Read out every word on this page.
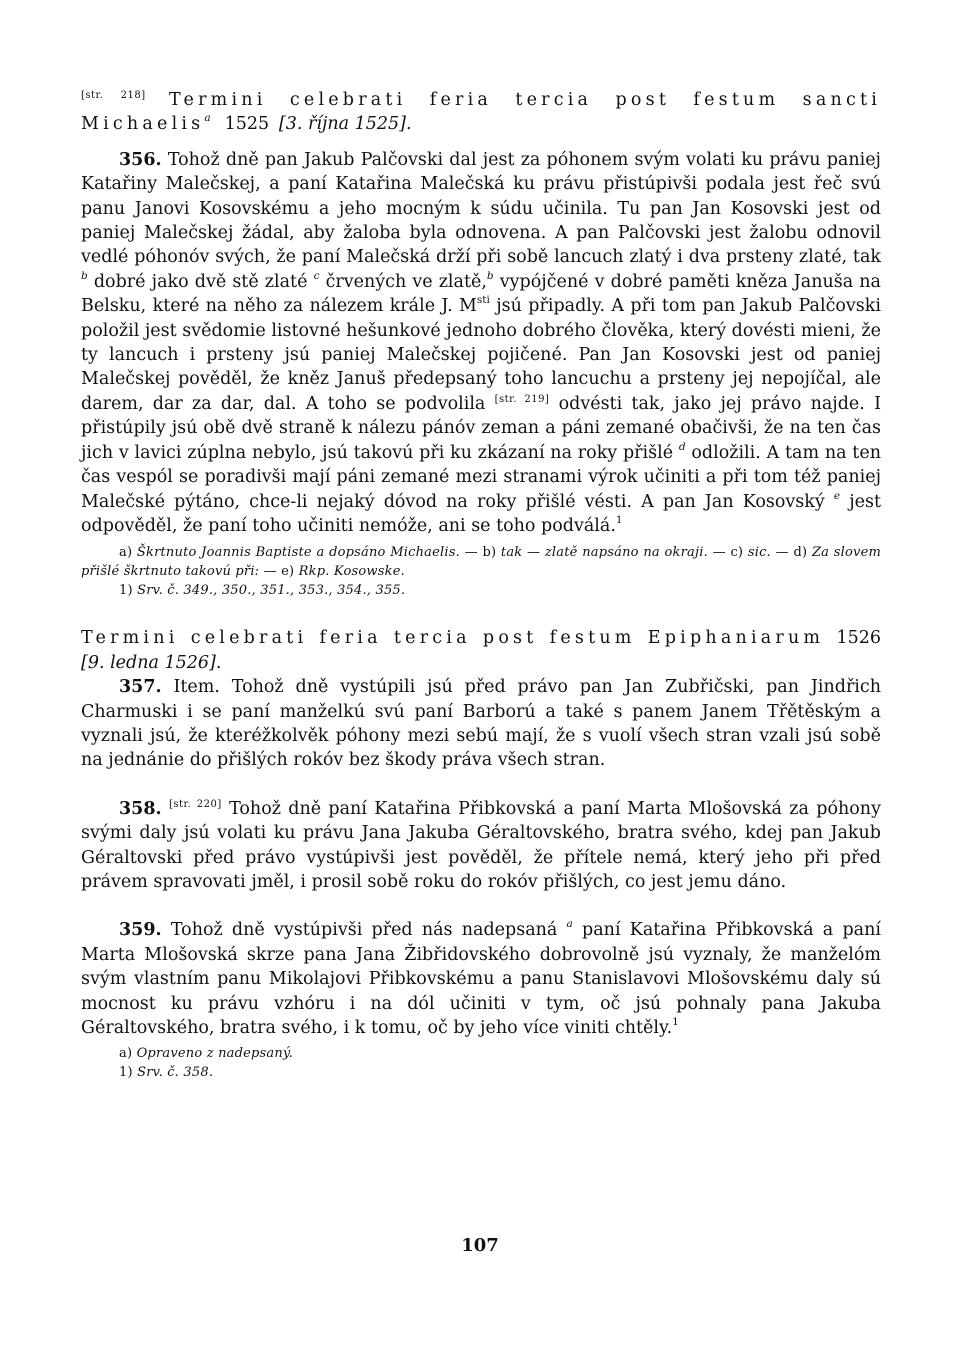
[str. 218] Termini celebrati feria tercia post festum sancti Michaelis$^a$ 1525 [3. října 1525].

356. Tohož dně pan Jakub Palčovski dal jest za póhonem svým volati ku právu paniej Katařiny Malečskej, a paní Katařina Malečská ku právu přistúpivši podala jest řeč svú panu Janovi Kosovskému a jeho mocným k súdu učinila. Tu pan Jan Kosovski jest od paniej Malečskej žádal, aby žaloba byla odnovena. A pan Palčovski jest žalobu odnovil vedlé póhonóv svých, že paní Malečská drží při sobě lancuch zlatý i dva prsteny zlaté, tak $^b$ dobré jako dvě stě zlaté $^c$ črvených ve zlatě,$^b$ vypójčené v dobré paměti kněza Januša na Belsku, které na něho za nálezem krále J. $M^{sti}$ jsú připadly. A při tom pan Jakub Palčovski položil jest svědomie listovné hešunkové jednoho dobrého člověka, který dovésti mieni, že ty lancuch i prsteny jsú paniej Malečskej pojičené. Pan Jan Kosovski jest od paniej Malečskej pověděl, že kněz Januš předepsaný toho lancuchu a prsteny jej nepojíčal, ale darem, dar za dar, dal. A toho se podvolila [str. 219] odvésti tak, jako jej právo najde. I přistúpily jsú obě dvě straně k nálezu pánóv zeman a páni zemané obačivši, že na ten čas jich v lavici zúplna nebylo, jsú takovú při ku zkázaní na roky přišlé $^d$ odložili. A tam na ten čas vespól se poradivši mají páni zemané mezi stranami výrok učiniti a při tom též paniej Malečské pýtáno, chce-li nejaký dóvod na roky přišlé vésti. A pan Jan Kosovský $^e$ jest odpověděl, že paní toho učiniti nemóže, ani se toho podválá.$^1$

a) Škrtnuto Joannis Baptiste a dopsáno Michaelis. — b) tak — zlatě napsáno na okraji. — c) sic. — d) Za slovem přišlé škrtnuto takovú při: — e) Rkp. Kosowske.

1) Srv. č. 349., 350., 351., 353., 354., 355.

Termini celebrati feria tercia post festum Epiphaniarum 1526 [9. ledna 1526].

357. Item. Tohož dně vystúpili jsú před právo pan Jan Zubřičski, pan Jindřich Charmuski i se paní manželkú svú paní Barború a také s panem Janem Třětěským a vyznali jsú, že kteréžkolvěk póhony mezi sebú mají, že s vuolí všech stran vzali jsú sobě na jednánie do přišlých rokóv bez škody práva všech stran.

358. [str. 220] Tohož dně paní Katařina Přibkovská a paní Marta Mlošovská za póhony svými daly jsú volati ku právu Jana Jakuba Géraltovského, bratra svého, kdej pan Jakub Géraltovski před právo vystúpivši jest pověděl, že přítele nemá, který jeho při před právem spravovati jměl, i prosil sobě roku do rokóv přišlých, co jest jemu dáno.

359. Tohož dně vystúpivši před nás nadepsaná $^a$ paní Katařina Přibkovská a paní Marta Mlošovská skrze pana Jana Žibřidovského dobrovolně jsú vyznaly, že manželóm svým vlastním panu Mikolajovi Přibkovskému a panu Stanislavovi Mlošovskému daly sú mocnost ku právu vzhóru i na dól učiniti v tym, oč jsú pohnaly pana Jakuba Géraltovského, bratra svého, i k tomu, oč by jeho více viniti chtěly.$^1$

a) Opraveno z nadepsaný.

1) Srv. č. 358.

107
